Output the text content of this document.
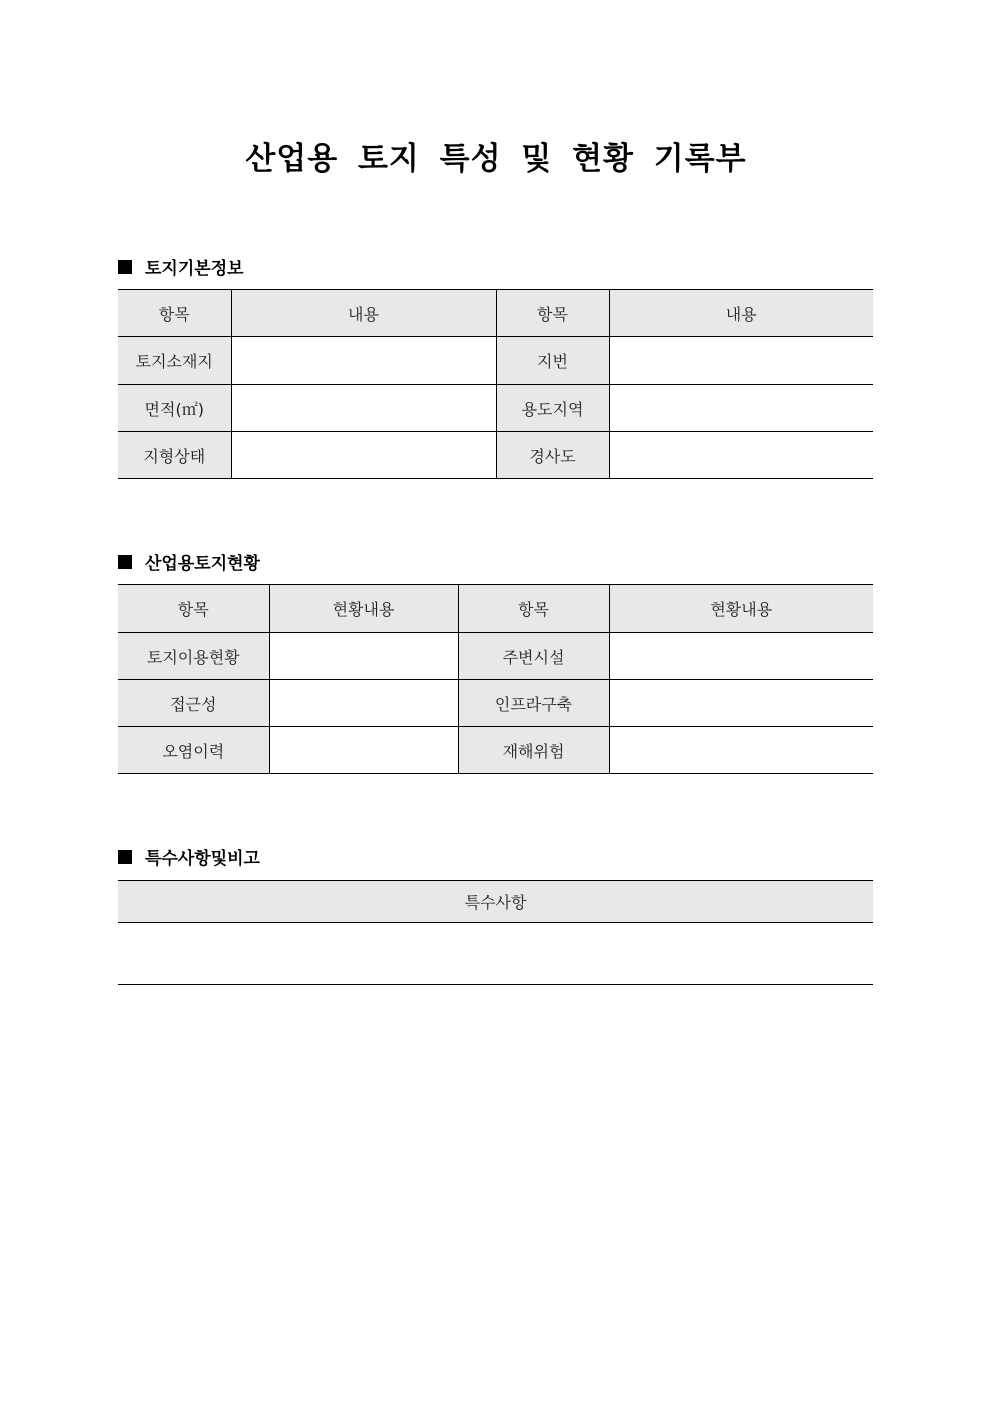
산업용 토지 특성 및 현황 기록부
토지기본정보
항목	내용	항목	내용
토지소재지		지번	
면적(㎡)		용도지역	
지형상태		경사도	
산업용토지현황
항목	현황내용	항목	현황내용
토지이용현황		주변시설	
접근성		인프라구축	
오염이력		재해위험	
특수사항및비고
특수사항
